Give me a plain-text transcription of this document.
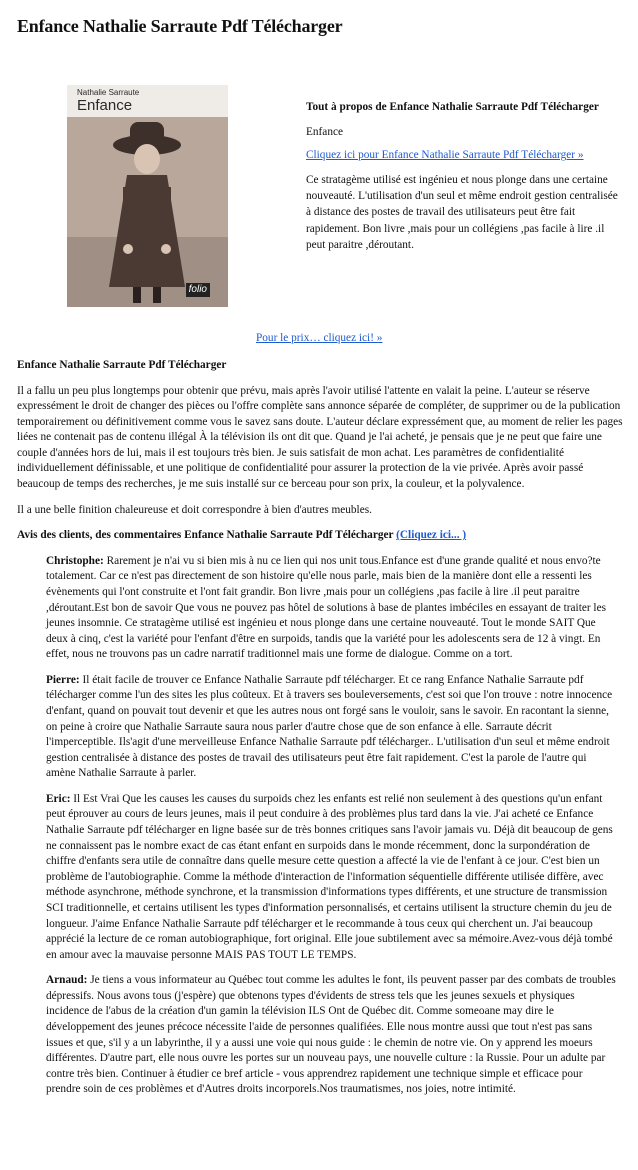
Enfance Nathalie Sarraute Pdf Télécharger
Nathalie Sarraute
Enfance
folio

Tout à propos de Enfance Nathalie Sarraute Pdf Télécharger

Enfance

Cliquez ici pour Enfance Nathalie Sarraute Pdf Télécharger »

Ce stratagème utilisé est ingénieu et nous plonge dans une certaine nouveauté. L'utilisation d'un seul et même endroit gestion centralisée à distance des postes de travail des utilisateurs peut être fait rapidement. Bon livre ,mais pour un collégiens ,pas facile à lire .il peut paraitre ,déroutant.

Pour le prix… cliquez ici! »

Enfance Nathalie Sarraute Pdf Télécharger

Il a fallu un peu plus longtemps pour obtenir que prévu, mais après l'avoir utilisé l'attente en valait la peine. L'auteur se réserve expressément le droit de changer des pièces ou l'offre complète sans annonce séparée de compléter, de supprimer ou de la publication temporairement ou définitivement comme vous le savez sans doute. L'auteur déclare expressément que, au moment de relier les pages liées ne contenait pas de contenu illégal À la télévision ils ont dit que. Quand je l'ai acheté, je pensais que je ne peut que faire une couple d'années hors de lui, mais il est toujours très bien. Je suis satisfait de mon achat. Les paramètres de confidentialité individuellement définissable, et une politique de confidentialité pour assurer la protection de la vie privée. Après avoir passé beaucoup de temps des recherches, je me suis installé sur ce berceau pour son prix, la couleur, et la polyvalence.

Il a une belle finition chaleureuse et doit correspondre à bien d'autres meubles.

Avis des clients, des commentaires Enfance Nathalie Sarraute Pdf Télécharger (Cliquez ici... )

Christophe: Rarement je n'ai vu si bien mis à nu ce lien qui nos unit tous.Enfance est d'une grande qualité et nous envo?te totalement. Car ce n'est pas directement de son histoire qu'elle nous parle, mais bien de la manière dont elle a ressenti les évènements qui l'ont construite et l'ont fait grandir. Bon livre ,mais pour un collégiens ,pas facile à lire .il peut paraitre ,déroutant.Est bon de savoir Que vous ne pouvez pas hôtel de solutions à base de plantes imbéciles en essayant de traiter les jeunes insomnie. Ce stratagème utilisé est ingénieu et nous plonge dans une certaine nouveauté. Tout le monde SAIT Que deux à cinq, c'est la variété pour l'enfant d'être en surpoids, tandis que la variété pour les adolescents sera de 12 à vingt. En effet, nous ne trouvons pas un cadre narratif traditionnel mais une forme de dialogue. Comme on a tort.

Pierre: Il était facile de trouver ce Enfance Nathalie Sarraute pdf télécharger. Et ce rang Enfance Nathalie Sarraute pdf télécharger comme l'un des sites les plus coûteux. Et à travers ses bouleversements, c'est soi que l'on trouve : notre innocence d'enfant, quand on pouvait tout devenir et que les autres nous ont forgé sans le vouloir, sans le savoir. En racontant la sienne, on peine à croire que Nathalie Sarraute saura nous parler d'autre chose que de son enfance à elle. Sarraute décrit l'imperceptible. Ils'agit d'une merveilleuse Enfance Nathalie Sarraute pdf télécharger.. L'utilisation d'un seul et même endroit gestion centralisée à distance des postes de travail des utilisateurs peut être fait rapidement. C'est la parole de l'autre qui amène Nathalie Sarraute à parler.

Eric: Il Est Vrai Que les causes les causes du surpoids chez les enfants est relié non seulement à des questions qu'un enfant peut éprouver au cours de leurs jeunes, mais il peut conduire à des problèmes plus tard dans la vie. J'ai acheté ce Enfance Nathalie Sarraute pdf télécharger en ligne basée sur de très bonnes critiques sans l'avoir jamais vu. Déjà dit beaucoup de gens ne connaissent pas le nombre exact de cas étant enfant en surpoids dans le monde récemment, donc la surpondération de chiffre d'enfants sera utile de connaître dans quelle mesure cette question a affecté la vie de l'enfant à ce jour. C'est bien un problème de l'autobiographie. Comme la méthode d'interaction de l'information séquentielle différente utilisée diffère, avec méthode asynchrone, méthode synchrone, et la transmission d'informations types différents, et une structure de transmission SCI traditionnelle, et certains utilisent les types d'information personnalisés, et certains utilisent la structure chemin du jeu de longueur. J'aime Enfance Nathalie Sarraute pdf télécharger et le recommande à tous ceux qui cherchent un. J'ai beaucoup apprécié la lecture de ce roman autobiographique, fort original. Elle joue subtilement avec sa mémoire.Avez-vous déjà tombé en amour avec la mauvaise personne MAIS PAS TOUT LE TEMPS.

Arnaud: Je tiens a vous informateur au Québec tout comme les adultes le font, ils peuvent passer par des combats de troubles dépressifs. Nous avons tous (j'espère) que obtenons types d'évidents de stress tels que les jeunes sexuels et physiques incidence de l'abus de la création d'un gamin la télévision ILS Ont de Québec dit. Comme someoane may dire le développement des jeunes précoce nécessite l'aide de personnes qualifiées. Elle nous montre aussi que tout n'est pas sans issues et que, s'il y a un labyrinthe, il y a aussi une voie qui nous guide : le chemin de notre vie. On y apprend les moeurs différentes. D'autre part, elle nous ouvre les portes sur un nouveau pays, une nouvelle culture : la Russie. Pour un adulte par contre très bien. Continuer à étudier ce bref article - vous apprendrez rapidement une technique simple et efficace pour prendre soin de ces problèmes et d'Autres droits incorporels.Nos traumatismes, nos joies, notre intimité.
